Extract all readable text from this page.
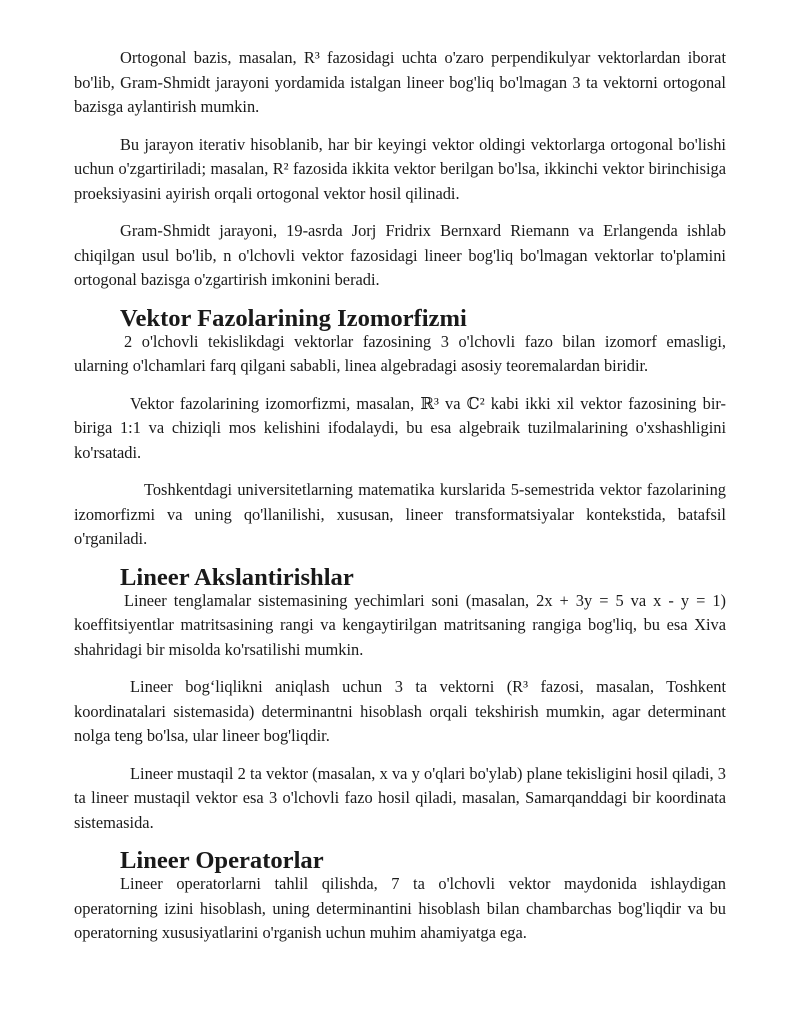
Ortogonal bazis, masalan, R³ fazosidagi uchta o'zaro perpendikulyar vektorlardan iborat bo'lib, Gram-Shmidt jarayoni yordamida istalgan lineer bog'liq bo'lmagan 3 ta vektorni ortogonal bazisga aylantirish mumkin.

Bu jarayon iterativ hisoblanib, har bir keyingi vektor oldingi vektorlarga ortogonal bo'lishi uchun o'zgartiriladi; masalan, R² fazosida ikkita vektor berilgan bo'lsa, ikkinchi vektor birinchisiga proeksiyasini ayirish orqali ortogonal vektor hosil qilinadi.

Gram-Shmidt jarayoni, 19-asrda Jorj Fridrix Bernxard Riemann va Erlangenda ishlab chiqilgan usul bo'lib, n o'lchovli vektor fazosidagi lineer bog'liq bo'lmagan vektorlar to'plamini ortogonal bazisga o'zgartirish imkonini beradi.

Vektor Fazolarining Izomorfizmi

2 o'lchovli tekislikdagi vektorlar fazosining 3 o'lchovli fazo bilan izomorf emasligi, ularning o'lchamlari farq qilgani sababli, linea algebradagi asosiy teoremalardan biridir.

Vektor fazolarining izomorfizmi, masalan, ℝ³ va ℂ² kabi ikki xil vektor fazosining bir-biriga 1:1 va chiziqli mos kelishini ifodalaydi, bu esa algebraik tuzilmalarining o'xshashligini ko'rsatadi.

Toshkentdagi universitetlarning matematika kurslarida 5-semestrida vektor fazolarining izomorfizmi va uning qo'llanilishi, xususan, lineer transformatsiyalar kontekstida, batafsil o'rganiladi.

Lineer Akslantirishlar

Lineer tenglamalar sistemasining yechimlari soni (masalan, 2x + 3y = 5 va x - y = 1) koeffitsiyentlar matritsasining rangi va kengaytirilgan matritsaning rangiga bog'liq, bu esa Xiva shahridagi bir misolda ko'rsatilishi mumkin.

Lineer bog‘liqlikni aniqlash uchun 3 ta vektorni (R³ fazosi, masalan, Toshkent koordinatalari sistemasida) determinantni hisoblash orqali tekshirish mumkin, agar determinant nolga teng bo'lsa, ular lineer bog'liqdir.

Lineer mustaqil 2 ta vektor (masalan, x va y o'qlari bo'ylab) plane tekisligini hosil qiladi, 3 ta lineer mustaqil vektor esa 3 o'lchovli fazo hosil qiladi, masalan, Samarqanddagi bir koordinata sistemasida.

Lineer Operatorlar

Lineer operatorlarni tahlil qilishda, 7 ta o'lchovli vektor maydonida ishlaydigan operatorning izini hisoblash, uning determinantini hisoblash bilan chambarchas bog'liqdir va bu operatorning xususiyatlarini o'rganish uchun muhim ahamiyatga ega.
